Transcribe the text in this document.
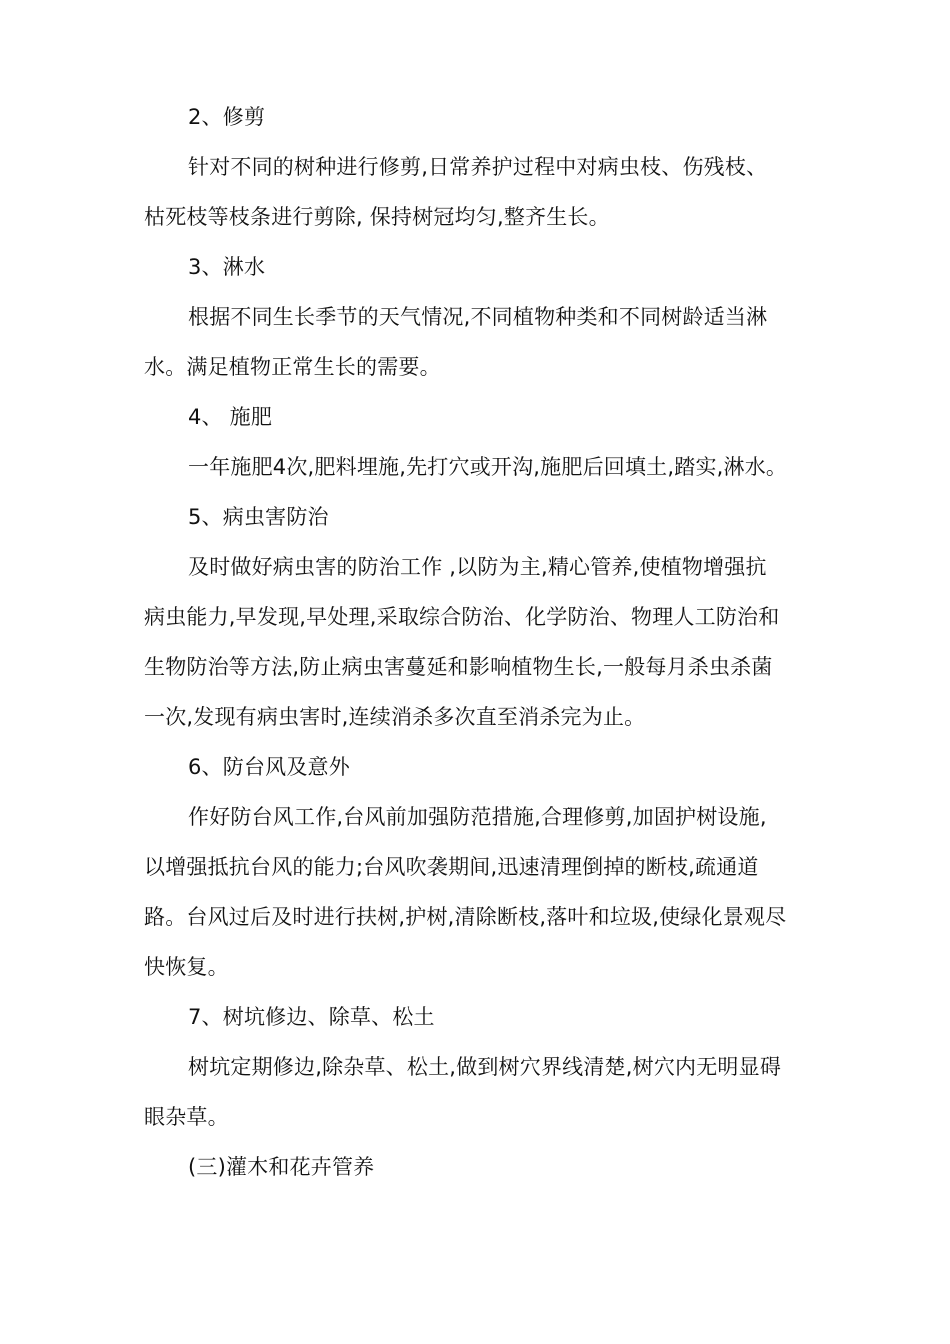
2、修剪
针对不同的树种进行修剪,日常养护过程中对病虫枝、伤残枝、
枯死枝等枝条进行剪除, 保持树冠均匀,整齐生长。
3、淋水
根据不同生长季节的天气情况,不同植物种类和不同树龄适当淋
水。满足植物正常生长的需要。
4、 施肥
一年施肥4次,肥料埋施,先打穴或开沟,施肥后回填土,踏实,淋水。
5、病虫害防治
及时做好病虫害的防治工作 ,以防为主,精心管养,使植物增强抗
病虫能力,早发现,早处理,采取综合防治、化学防治、物理人工防治和
生物防治等方法,防止病虫害蔓延和影响植物生长,一般每月杀虫杀菌
一次,发现有病虫害时,连续消杀多次直至消杀完为止。
6、防台风及意外
作好防台风工作,台风前加强防范措施,合理修剪,加固护树设施,
以增强抵抗台风的能力;台风吹袭期间,迅速清理倒掉的断枝,疏通道
路。台风过后及时进行扶树,护树,清除断枝,落叶和垃圾,使绿化景观尽
快恢复。
7、树坑修边、除草、松土
树坑定期修边,除杂草、松土,做到树穴界线清楚,树穴内无明显碍
眼杂草。
(三)灌木和花卉管养
